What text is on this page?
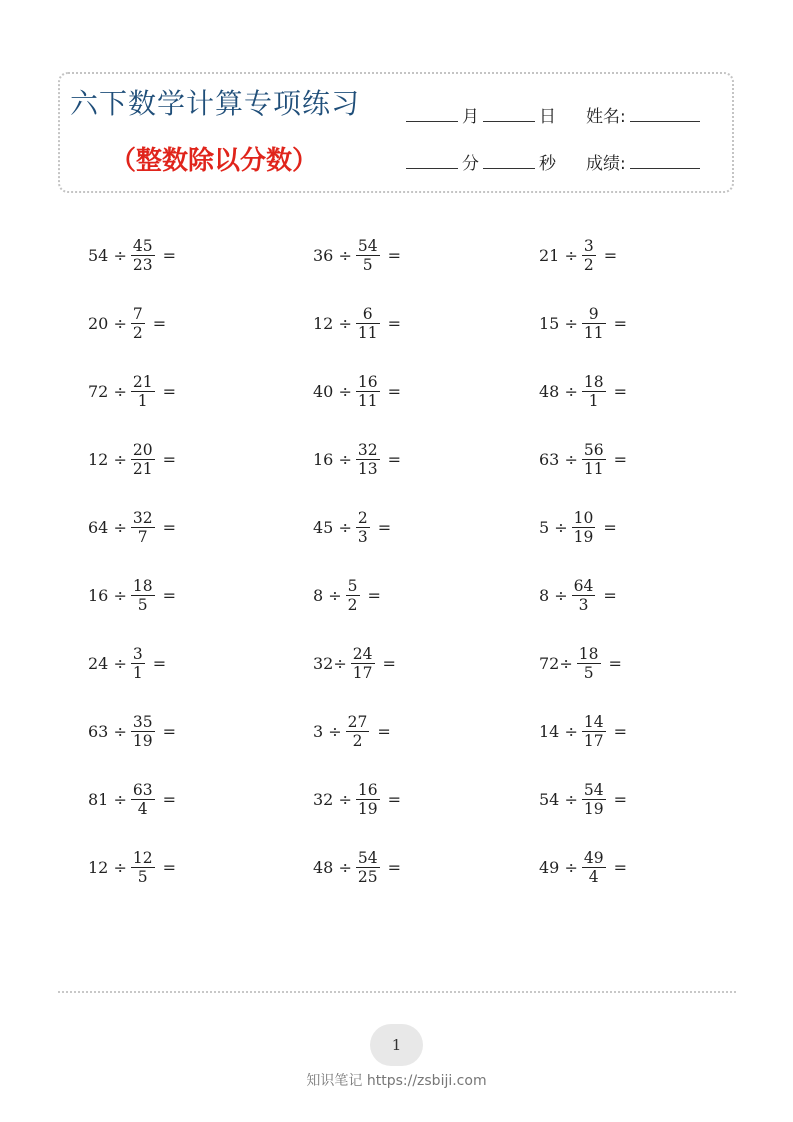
六下数学计算专项练习
（整数除以分数）
月	日 姓名:
分	秒 成绩:
$54 \div \frac{45}{23}$ =	$36 \div \frac{54}{5}$ =	$21 \div \frac{3}{2}$ =
$20 \div \frac{7}{2}$ =	$12 \div \frac{6}{11}$ =	$15 \div \frac{9}{11}$ =
$72 \div \frac{21}{1}$ =	$40 \div \frac{16}{11}$ =	$48 \div \frac{18}{1}$ =
$12 \div \frac{20}{21}$ =	$16 \div \frac{32}{13}$ =	$63 \div \frac{56}{11}$ =
$64 \div \frac{32}{7}$ =	$45 \div \frac{2}{3}$ =	$5 \div \frac{10}{19}$ =
$16 \div \frac{18}{5}$ =	$8 \div \frac{5}{2}$ =	$8 \div \frac{64}{3}$ =
$24 \div \frac{3}{1}$ =	$32\div \frac{24}{17}$ =	$72\div \frac{18}{5}$ =
$63 \div \frac{35}{19}$ =	$3 \div \frac{27}{2}$ =	$14 \div \frac{14}{17}$ =
$81 \div \frac{63}{4}$ =	$32 \div \frac{16}{19}$ =	$54 \div \frac{54}{19}$ =
$12 \div \frac{12}{5}$ =	$48 \div \frac{54}{25}$ =	$49 \div \frac{49}{4}$ =
1
知识笔记 https://zsbiji.com
